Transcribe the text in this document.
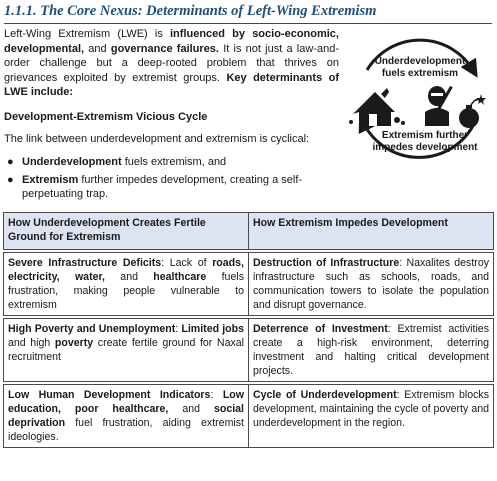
1.1.1. The Core Nexus: Determinants of Left-Wing Extremism
Left-Wing Extremism (LWE) is influenced by socio-economic, developmental, and governance failures. It is not just a law-and-order challenge but a deep-rooted problem that thrives on grievances exploited by extremist groups. Key determinants of LWE include:
Development-Extremism Vicious Cycle
The link between underdevelopment and extremism is cyclical:
● Underdevelopment fuels extremism, and
● Extremism further impedes development, creating a self-perpetuating trap.
Underdevelopment
fuels extremism
Extremism further
impedes development
How Underdevelopment Creates Fertile Ground for Extremism	How Extremism Impedes Development

Severe Infrastructure Deficits: Lack of roads, electricity, water, and healthcare fuels frustration, making people vulnerable to extremism	Destruction of Infrastructure: Naxalites destroy infrastructure such as schools, roads, and communication towers to isolate the population and disrupt governance.

High Poverty and Unemployment: Limited jobs and high poverty create fertile ground for Naxal recruitment	Deterrence of Investment: Extremist activities create a high-risk environment, deterring investment and halting critical development projects.

Low Human Development Indicators: Low education, poor healthcare, and social deprivation fuel frustration, aiding extremist ideologies.	Cycle of Underdevelopment: Extremism blocks development, maintaining the cycle of poverty and underdevelopment in the region.
